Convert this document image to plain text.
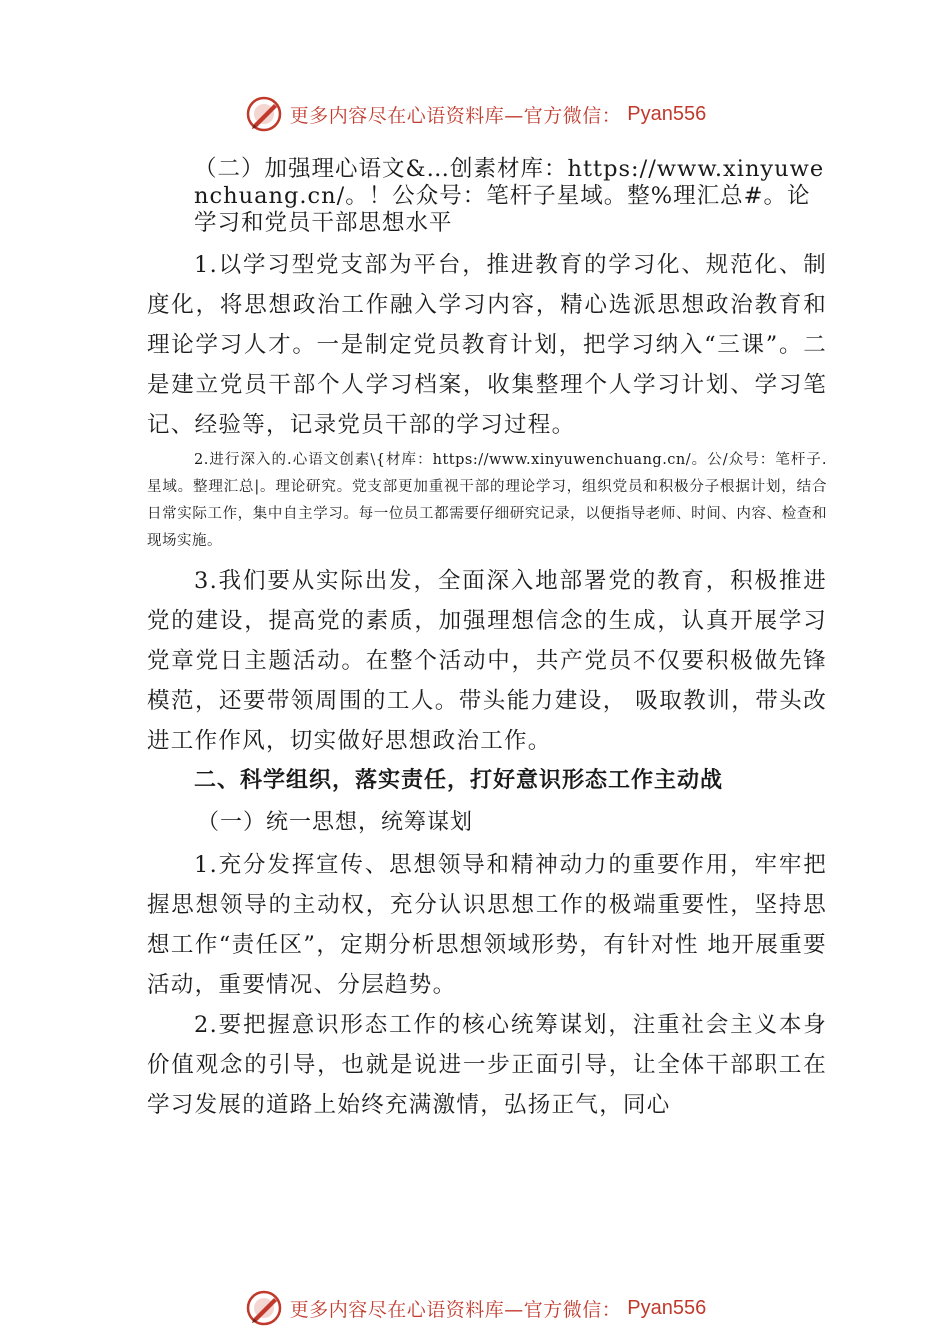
更多内容尽在心语资料库—官方微信： Pyan556

（二）加强理心语文&…创素材库：https://www.xinyuwenchuang.cn/。！公众号：笔杆子星域。整%理汇总#。论学习和党员干部思想水平

1.以学习型党支部为平台，推进教育的学习化、规范化、制度化，将思想政治工作融入学习内容，精心选派思想政治教育和理论学习人才。一是制定党员教育计划，把学习纳入“三课”。二是建立党员干部个人学习档案，收集整理个人学习计划、学习笔记、经验等，记录党员干部的学习过程。

2.进行深入的.心语文创素\{材库：https://www.xinyuwenchuang.cn/。公/众号：笔杆子.星域。整理汇总|。理论研究。党支部更加重视干部的理论学习，组织党员和积极分子根据计划，结合日常实际工作，集中自主学习。每一位员工都需要仔细研究记录，以便指导老师、时间、内容、检查和现场实施。

3.我们要从实际出发，全面深入地部署党的教育，积极推进党的建设，提高党的素质，加强理想信念的生成，认真开展学习党章党日主题活动。在整个活动中，共产党员不仅要积极做先锋模范，还要带领周围的工人。带头能力建设， 吸取教训，带头改进工作作风，切实做好思想政治工作。

二、科学组织，落实责任，打好意识形态工作主动战

（一）统一思想，统筹谋划

1.充分发挥宣传、思想领导和精神动力的重要作用，牢牢把握思想领导的主动权，充分认识思想工作的极端重要性，坚持思想工作“责任区”，定期分析思想领域形势，有针对性 地开展重要活动，重要情况、分层趋势。

2.要把握意识形态工作的核心统筹谋划，注重社会主义本身价值观念的引导，也就是说进一步正面引导，让全体干部职工在学习发展的道路上始终充满激情，弘扬正气，同心

更多内容尽在心语资料库—官方微信： Pyan556
